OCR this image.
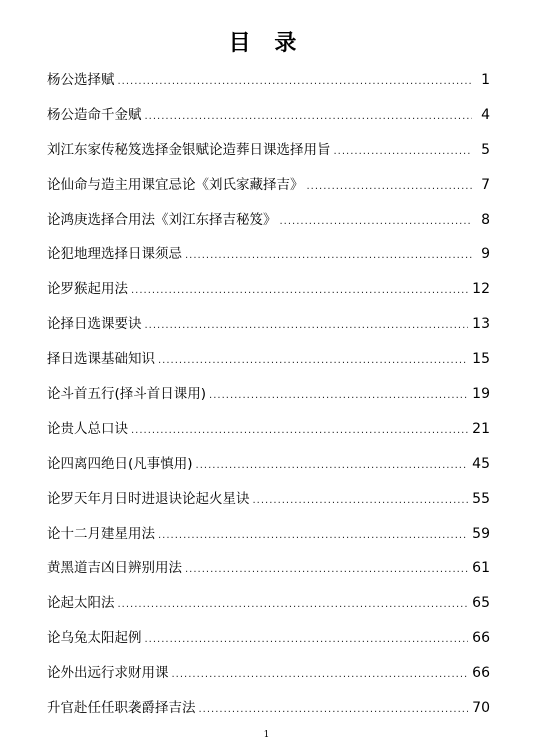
目 录
杨公选择赋 .....	1
杨公造命千金赋 .....	4
刘江东家传秘笈选择金银赋论造葬日课选择用旨 .....	5
论仙命与造主用课宜忌论《刘氏家藏择吉》 .....	7
论鸿庚选择合用法《刘江东择吉秘笈》 .....	8
论犯地理选择日课须忌 .....	9
论罗猴起用法 .....	12
论择日选课要诀 .....	13
择日选课基础知识 .....	15
论斗首五行(择斗首日课用) .....	19
论贵人总口诀 .....	21
论四离四绝日(凡事慎用) .....	45
论罗天年月日时进退诀论起火星诀 .....	55
论十二月建星用法 .....	59
黄黑道吉凶日辨别用法 .....	61
论起太阳法 .....	65
论乌兔太阳起例 .....	66
论外出远行求财用课 .....	66
升官赴任任职袭爵择吉法 .....	70
1
